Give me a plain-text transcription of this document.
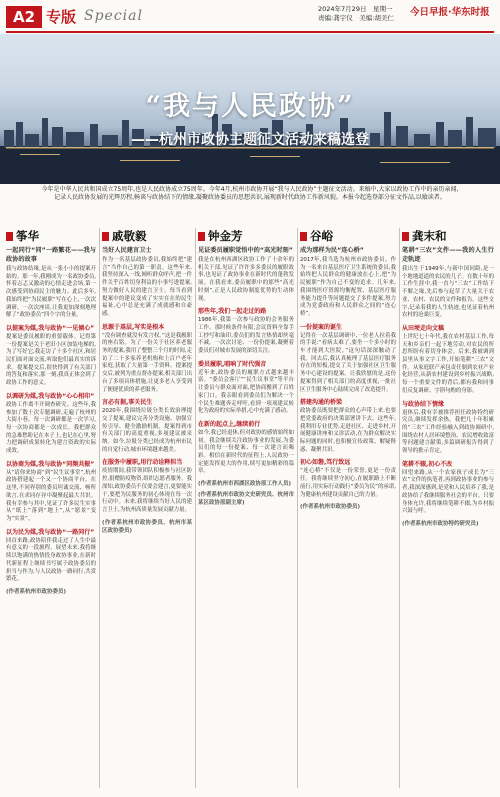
A2 专版 Special	2024年7月29日　星期一
责编:龚宇仪　美编:胡美仁 今日早报·华东时报
“我与人民政协”
——杭州市政协主题征文活动来稿选登
今年是中华人民共和国成立75周年,也是人民政协成立75周年。今年4月,杭州市政协开展“我与人民政协”主题征文活动。来稿中,大家以政协工作中的亲历亲闻,记录人民政协发展的光辉历程,畅谈与政协结下的情缘,凝聚政协委员的思想共识,展现新时代政协工作新风貌。本报今起选登部分征文作品,以飨读者。
筝华
一起同行“同”一路繁花——我与政协的故事
我与政协结缘,是从一张小小的提案开始的。那一年,我刚成为一名政协委员,怀着忐忑又激动的心情走进会场,第一次感受到协商民主的魅力。此后多年,我始终把“为民履职”写在心上,一次次调研、一次次座谈,让我更加深刻地理解了“政协委员”四个字的分量。
以提案为媒,我与政协“一见倾心”
提案是委员履职的重要载体。记得第一份提案是关于老旧小区加装电梯的,为了写好它,我走访了十多个社区,和居民们面对面交流,听取他们最真实的诉求。提案提交后,很快得到了有关部门的答复和落实,那一刻,我真正体会到了政协工作的意义。
以调研为媒,我与政协“心心相印”
政协工作离不开调查研究。这些年,我参加了数十次专题调研,走遍了杭州的大街小巷。每一次调研都是一次学习,每一次协商都是一次成长。我把群众的急难愁盼记在本子上,也记在心里,努力把调研成果转化为建言资政的实际成效。
以协商为媒,我与政协“同频共振”
从“请你来协商”到“民生议事堂”,杭州政协搭建起一个又一个协商平台。在这里,不同界别的委员坦诚交流、畅所欲言,在求同存异中凝聚起最大共识。我有幸参与其中,见证了许多民生实事从“纸上”落到“地上”,从“愿景”变为“实景”。
以为民为媒,我与政协“一路同行”
回首来路,政协陪伴我走过了人生中最有意义的一段旅程。展望未来,我将继续以饱满的热情投身政协事业,在新时代新征程上继续书写属于政协委员的担当与作为,与人民政协一路同行,共赏繁花。
(作者系杭州市政协委员)
戚敬毅
当好人民建言卫士
作为一名基层政协委员,我始终把“建言”当作自己的第一职责。这些年来,我坚持深入一线,倾听群众呼声,把一件件关乎百姓切身利益的小事写进提案,努力做好人民的建言卫士。每当看到提案中的建议变成了实实在在的民生福祉,心中总是充满了成就感和自豪感。
思源于基层,写实是根本
“没有调查就没有发言权。”这是我履职的座右铭。为了一份关于社区养老服务的提案,我用了整整三个月的时间,走访了二十多家养老机构和上百户老年家庭,获取了大量第一手资料。提案提交后,被列为重点督办提案,相关部门出台了多项具体措施,让更多老人享受到了便捷优质的养老服务。
言必有据,事关民生
2020年,我围绕垃圾分类长效治理提交了提案,建议完善分类设施、加强宣传引导、健全激励机制。提案得到市有关部门的高度重视,多项建议被采纳。如今,垃圾分类已经成为杭州市民的自觉行动,城市环境越来越美。
在服务中履职,用行动诠释担当
疫情期间,我带领团队积极参与社区防控,捐赠防疫物资,组织志愿者服务。我深知,政协委员不仅要会建言,更要能实干,要把为民服务的初心体现在每一次行动中。未来,我将继续当好人民的建言卫士,为杭州高质量发展贡献力量。
(作者系杭州市政协委员、杭州市某区政协委员)
钟金芳
见证委员履职觉悟中的“高光时刻”
我是在杭州西湖区政协工作了十余年的机关干部,见证了许许多多委员的履职故事,也见证了政协事业在新时代的蓬勃发展。在我看来,委员履职中的那些“高光时刻”,正是人民政协制度优势的生动体现。
那些年,我们一起走过的路
1986年,我第一次参与政协的会务服务工作。那时候条件有限,会议资料全靠手工抄写和油印,委员们的发言热情却丝毫不减。一次次讨论、一份份提案,凝聚着委员们对城市发展的深切关注。
委员履职,唱响了时代强音
近年来,政协委员的履职方式越来越丰富。“委员会客厅”“民生议事堂”等平台让委员与群众面对面,把协商搬到了百姓家门口。我亲眼看到委员们为解决一个个民生难题奔走呼吁,看到一项项建议转化为政府的实际举措,心中充满了感动。
在新的起点上,继续前行
如今,我已经退休,但对政协的感情始终如初。我会继续关注政协事业的发展,为委员们的每一份提案、每一次建言而喝彩。相信在新时代的征程上,人民政协一定能发挥更大的作用,续写更加精彩的篇章。
(作者系杭州市西湖区政协原工作人员)
(作者系杭州市政协文史研究员、杭州市某区政协原副主席)
谷峪
成为那样为民“连心桥”
2017年,我当选为杭州市政协委员。作为一名来自基层医疗卫生系统的委员,我始终把人民群众的健康放在心上,把“为民履职”作为自己不变的追求。几年来,我围绕医疗资源均衡配置、基层医疗服务能力提升等问题提交了多件提案,努力成为党委政府和人民群众之间的“连心桥”。
一份提案的诞生
记得在一次基层调研中,一位老人拉着我的手说:“看病太难了,要坐一个多小时的车才能到大医院。”这句话深深触动了我。回去后,我认真梳理了基层医疗服务存在的短板,提交了关于加强社区卫生服务中心建设的提案。让我欣慰的是,这份提案得到了相关部门的高度重视,一批社区卫生服务中心陆续完成了改造提升。
搭建沟通的桥梁
政协委员既要把群众的心声带上来,也要把党委政府的决策部署讲下去。这些年,我利用专业优势,走进社区、走进乡村,开展健康讲座和义诊活动,在为群众解决实际问题的同时,也积极宣传政策、解疑释惑、凝聚共识。
初心如磐,笃行致远
“连心桥”不仅是一份荣誉,更是一份责任。我将继续坚守初心,在履职路上不断前行,用实际行动践行“委员为民”的承诺,为健康杭州建设贡献自己的力量。
(作者系杭州市政协委员)
龚末和
笔耕“三农”文件——我的人生行走轨迹
我出生于1949年,与新中国同龄,是一个地地道道的农民的儿子。在数十年的工作生涯中,我一直与“三农”工作结下不解之缘,先后参与起草了大量关于农业、农村、农民的文件和报告。这些文字,记录着我的人生轨迹,也见证着杭州农村的沧桑巨变。
从田埂走向文稿
上世纪七十年代,我在农村基层工作,每天和乡亲们一起下地劳动,对农民的所思所盼有着切身体会。后来,我被调到县里从事文字工作,开始笔耕“三农”文件。从家庭联产承包责任制到农业产业化经营,从新农村建设到乡村振兴战略,每一个重要文件的背后,都有我和同事们反复调研、字斟句酌的身影。
与政协结下情缘
退休后,我有幸被推荐担任政协特约研究员,继续发挥余热。我把几十年积累的“三农”工作经验融入到政协调研中,围绕农村人居环境整治、农民增收致富等问题建言献策,多篇调研报告得到了领导的批示肯定。
笔耕不辍,初心不改
回望来路,从一个农家孩子成长为“三农”文件的执笔者,再到政协事业的参与者,我深深感到,是党和人民培养了我,是政协给了我继续服务社会的平台。只要身体允许,我将继续笔耕不辍,为乡村振兴鼓与呼。
(作者系杭州市政协特约研究员)
